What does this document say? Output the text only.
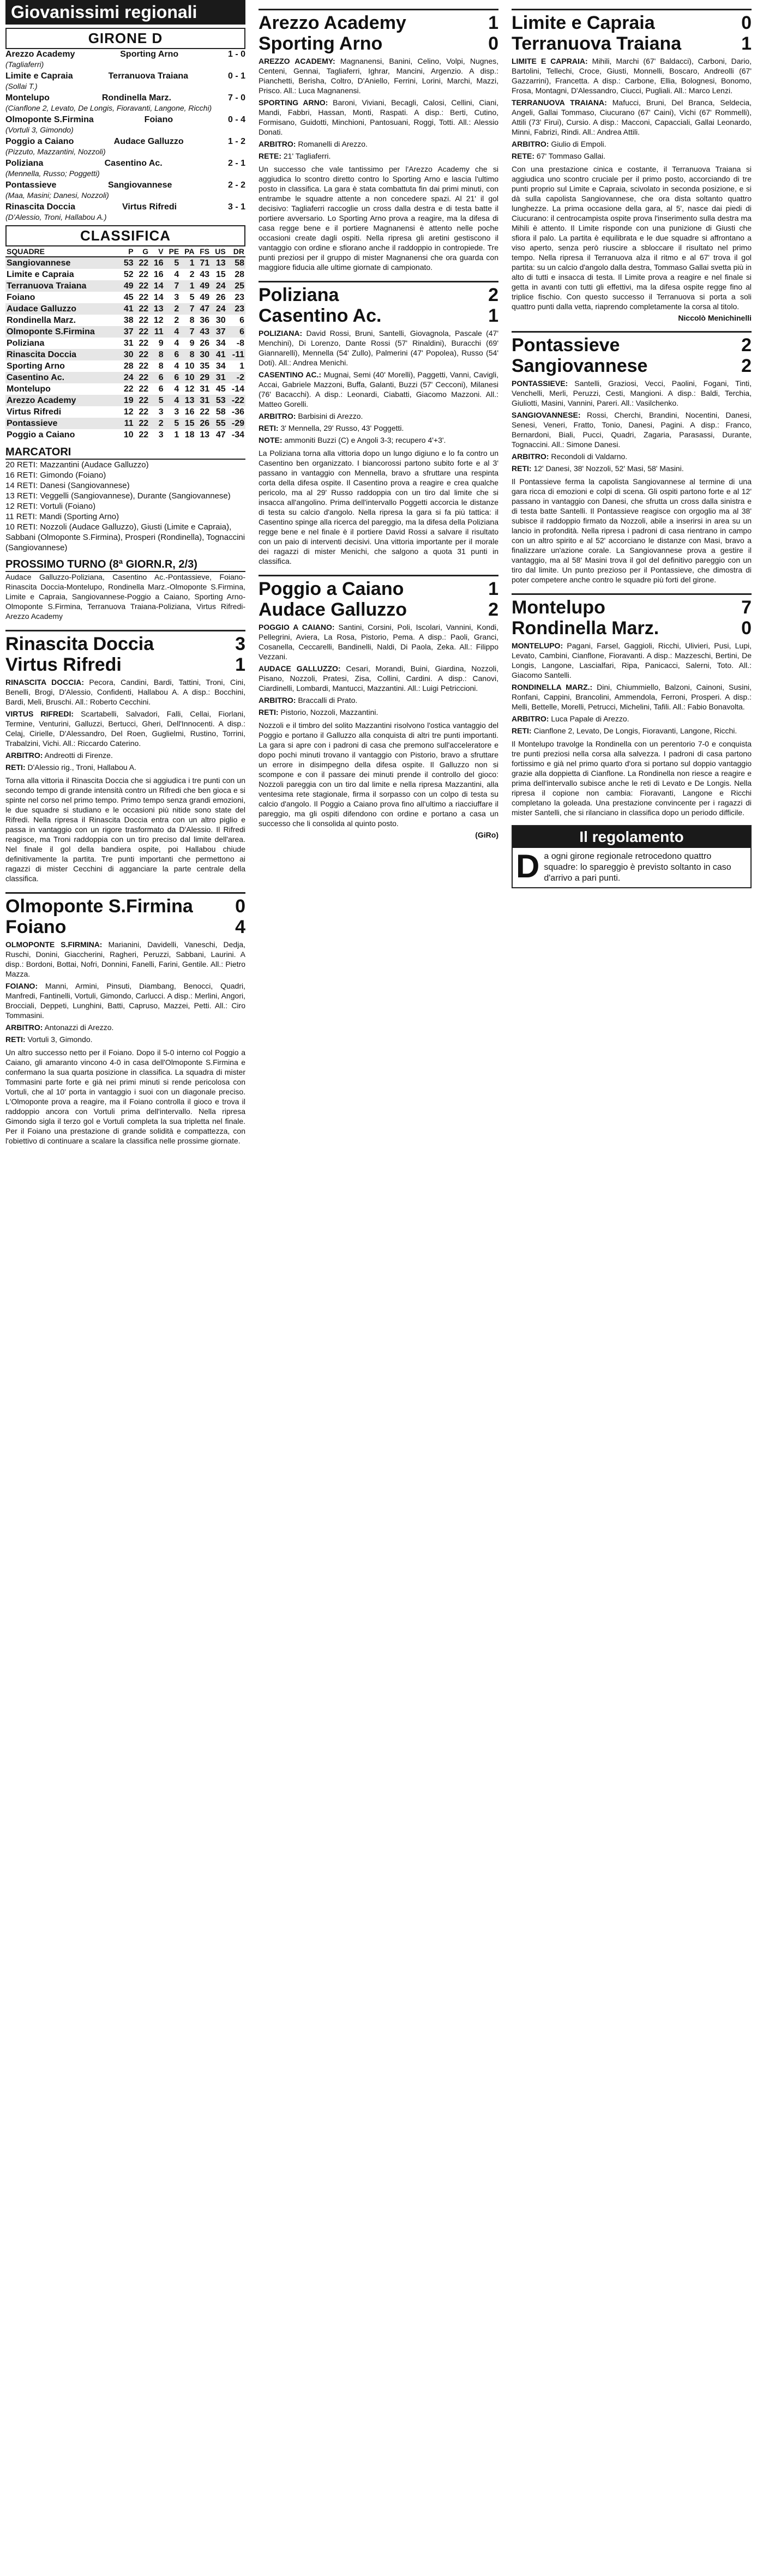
Giovanissimi regionali
GIRONE D
Arezzo Academy	Sporting Arno	1 - 0
(Tagliaferri)
Limite e Capraia	Terranuova Traiana	0 - 1
(Sollai T.)
Montelupo	Rondinella Marz.	7 - 0
(Cianflone 2, Levato, De Longis, Fioravanti, Langone, Ricchi)
Olmoponte S.Firmina	Foiano	0 - 4
(Vortuli 3, Gimondo)
Poggio a Caiano	Audace Galluzzo	1 - 2
(Pizzuto, Mazzantini, Nozzoli)
Poliziana	Casentino Ac.	2 - 1
(Mennella, Russo; Poggetti)
Pontassieve	Sangiovannese	2 - 2
(Maa, Masini; Danesi, Nozzoli)
Rinascita Doccia	Virtus Rifredi	3 - 1
(D'Alessio, Troni, Hallabou A.)
CLASSIFICA
SQUADRE	P	G	V	PE	PA	FS	US	DR
Sangiovannese	53	22	16	5	1	71	13	58
Limite e Capraia	52	22	16	4	2	43	15	28
Terranuova Traiana	49	22	14	7	1	49	24	25
Foiano	45	22	14	3	5	49	26	23
Audace Galluzzo	41	22	13	2	7	47	24	23
Rondinella Marz.	38	22	12	2	8	36	30	6
Olmoponte S.Firmina	37	22	11	4	7	43	37	6
Poliziana	31	22	9	4	9	26	34	-8
Rinascita Doccia	30	22	8	6	8	30	41	-11
Sporting Arno	28	22	8	4	10	35	34	1
Casentino Ac.	24	22	6	6	10	29	31	-2
Montelupo	22	22	6	4	12	31	45	-14
Arezzo Academy	19	22	5	4	13	31	53	-22
Virtus Rifredi	12	22	3	3	16	22	58	-36
Pontassieve	11	22	2	5	15	26	55	-29
Poggio a Caiano	10	22	3	1	18	13	47	-34
MARCATORI
20 RETI: Mazzantini (Audace Galluzzo)
16 RETI: Gimondo (Foiano)
14 RETI: Danesi (Sangiovannese)
13 RETI: Veggelli (Sangiovannese), Durante (Sangiovannese)
12 RETI: Vortuli (Foiano)
11 RETI: Mandi (Sporting Arno)
10 RETI: Nozzoli (Audace Galluzzo), Giusti (Limite e Capraia), Sabbani (Olmoponte S.Firmina), Prosperi (Rondinella), Tognaccini (Sangiovannese)
PROSSIMO TURNO (8ª GIORN.R, 2/3)
Audace Galluzzo-Poliziana, Casentino Ac.-Pontassieve, Foiano-Rinascita Doccia-Montelupo, Rondinella Marz.-Olmoponte S.Firmina, Limite e Capraia, Sangiovannese-Poggio a Caiano, Sporting Arno-Olmoponte S.Firmina, Terranuova Traiana-Poliziana, Virtus Rifredi-Arezzo Academy
Rinascita Doccia	3
Virtus Rifredi	1
RINASCITA DOCCIA: Pecora, Candini, Bardi, Tattini, Troni, Cini, Benelli, Brogi, D'Alessio, Confidenti, Hallabou A. A disp.: Bocchini, Bardi, Meli, Bruschi. All.: Roberto Cecchini.
VIRTUS RIFREDI: Scartabelli, Salvadori, Falli, Cellai, Fiorlani, Termine, Venturini, Galluzzi, Bertucci, Gheri, Dell'Innocenti. A disp.: Celaj, Cirielle, D'Alessandro, Del Roen, Guglielmi, Rustino, Torrini, Trabalzini, Vichi. All.: Riccardo Caterino.
ARBITRO: Andreotti di Firenze.
RETI: D'Alessio rig., Troni, Hallabou A.
Torna alla vittoria il Rinascita Doccia che si aggiudica i tre punti con un secondo tempo di grande intensità contro un Rifredi che ben gioca e si spinte nel corso nel primo tempo. Primo tempo senza grandi emozioni, le due squadre si studiano e le occasioni più nitide sono state del Rifredi. Nella ripresa il Rinascita Doccia entra con un altro piglio e passa in vantaggio con un rigore trasformato da D'Alessio. Il Rifredi reagisce, ma Troni raddoppia con un tiro preciso dal limite dell'area. Nel finale il gol della bandiera ospite, poi Hallabou chiude definitivamente la partita. Tre punti importanti che permettono ai ragazzi di mister Cecchini di agganciare la parte centrale della classifica.
Olmoponte S.Firmina 0
Foiano	4
OLMOPONTE S.FIRMINA: Marianini, Davidelli, Vaneschi, Dedja, Ruschi, Donini, Giaccherini, Ragheri, Peruzzi, Sabbani, Laurini. A disp.: Bordoni, Bottai, Nofri, Donnini, Fanelli, Farini, Gentile. All.: Pietro Mazza.
FOIANO: Manni, Armini, Pinsuti, Diambang, Benocci, Quadri, Manfredi, Fantinelli, Vortuli, Gimondo, Carlucci. A disp.: Merlini, Angori, Brocciali, Deppeti, Lunghini, Batti, Capruso, Mazzei, Petti. All.: Ciro Tommasini.
ARBITRO: Antonazzi di Arezzo.
RETI: Vortuli 3, Gimondo.
Un altro successo netto per il Foiano. Dopo il 5-0 interno col Poggio a Caiano, gli amaranto vincono 4-0 in casa dell'Olmoponte S.Firmina e confermano la sua quarta posizione in classifica. La squadra di mister Tommasini parte forte e già nei primi minuti si rende pericolosa con Vortuli, che al 10' porta in vantaggio i suoi con un diagonale preciso. L'Olmoponte prova a reagire, ma il Foiano controlla il gioco e trova il raddoppio ancora con Vortuli prima dell'intervallo. Nella ripresa Gimondo sigla il terzo gol e Vortuli completa la sua tripletta nel finale. Per il Foiano una prestazione di grande solidità e compattezza, con l'obiettivo di continuare a scalare la classifica nelle prossime giornate.
Arezzo Academy	1
Sporting Arno	0
AREZZO ACADEMY: Magnanensi, Banini, Celino, Volpi, Nugnes, Centeni, Gennai, Tagliaferri, Ighrar, Mancini, Argenzio. A disp.: Pianchetti, Berisha, Coltro, D'Aniello, Ferrini, Lorini, Marchi, Mazzi, Prisco. All.: Luca Magnanensi.
SPORTING ARNO: Baroni, Viviani, Becagli, Calosi, Cellini, Ciani, Mandi, Fabbri, Hassan, Monti, Raspati. A disp.: Berti, Cutino, Formisano, Guidotti, Minchioni, Pantosuani, Roggi, Totti. All.: Alessio Donati.
ARBITRO: Romanelli di Arezzo.
RETE: 21' Tagliaferri.
Un successo che vale tantissimo per l'Arezzo Academy che si aggiudica lo scontro diretto contro lo Sporting Arno e lascia l'ultimo posto in classifica. La gara è stata combattuta fin dai primi minuti, con entrambe le squadre attente a non concedere spazi. Al 21' il gol decisivo: Tagliaferri raccoglie un cross dalla destra e di testa batte il portiere avversario. Lo Sporting Arno prova a reagire, ma la difesa di casa regge bene e il portiere Magnanensi è attento nelle poche occasioni create dagli ospiti. Nella ripresa gli aretini gestiscono il vantaggio con ordine e sfiorano anche il raddoppio in contropiede. Tre punti preziosi per il gruppo di mister Magnanensi che ora guarda con maggiore fiducia alle ultime giornate di campionato.
Poliziana	2
Casentino Ac.	1
POLIZIANA: David Rossi, Bruni, Santelli, Giovagnola, Pascale (47' Menchini), Di Lorenzo, Dante Rossi (57' Rinaldini), Buracchi (69' Giannarelli), Mennella (54' Zullo), Palmerini (47' Popolea), Russo (54' Doti). All.: Andrea Menichi.
CASENTINO AC.: Mugnai, Semi (40' Morelli), Paggetti, Vanni, Cavigli, Accai, Gabriele Mazzoni, Buffa, Galanti, Buzzi (57' Cecconi), Milanesi (76' Bacacchi). A disp.: Leonardi, Ciabatti, Giacomo Mazzoni. All.: Matteo Gorelli.
ARBITRO: Barbisini di Arezzo.
RETI: 3' Mennella, 29' Russo, 43' Poggetti.
NOTE: ammoniti Buzzi (C) e Angoli 3-3; recupero 4'+3'.
La Poliziana torna alla vittoria dopo un lungo digiuno e lo fa contro un Casentino ben organizzato. I biancorossi partono subito forte e al 3' passano in vantaggio con Mennella, bravo a sfruttare una respinta corta della difesa ospite. Il Casentino prova a reagire e crea qualche pericolo, ma al 29' Russo raddoppia con un tiro dal limite che si insacca all'angolino. Prima dell'intervallo Poggetti accorcia le distanze di testa su calcio d'angolo. Nella ripresa la gara si fa più tattica: il Casentino spinge alla ricerca del pareggio, ma la difesa della Poliziana regge bene e nel finale è il portiere David Rossi a salvare il risultato con un paio di interventi decisivi. Una vittoria importante per il morale dei ragazzi di mister Menichi, che salgono a quota 31 punti in classifica.
Poggio a Caiano	1
Audace Galluzzo	2
POGGIO A CAIANO: Santini, Corsini, Poli, Iscolari, Vannini, Kondi, Pellegrini, Aviera, La Rosa, Pistorio, Pema. A disp.: Paoli, Granci, Cosanella, Ceccarelli, Bandinelli, Naldi, Di Paola, Zeka. All.: Filippo Vezzani.
AUDACE GALLUZZO: Cesari, Morandi, Buini, Giardina, Nozzoli, Pisano, Nozzoli, Pratesi, Zisa, Collini, Cardini. A disp.: Canovi, Ciardinelli, Lombardi, Mantucci, Mazzantini. All.: Luigi Petriccioni.
ARBITRO: Braccalli di Prato.
RETI: Pistorio, Nozzoli, Mazzantini.
Nozzoli e il timbro del solito Mazzantini risolvono l'ostica vantaggio del Poggio e portano il Galluzzo alla conquista di altri tre punti importanti. La gara si apre con i padroni di casa che premono sull'acceleratore e dopo pochi minuti trovano il vantaggio con Pistorio, bravo a sfruttare un errore in disimpegno della difesa ospite. Il Galluzzo non si scompone e con il passare dei minuti prende il controllo del gioco: Nozzoli pareggia con un tiro dal limite e nella ripresa Mazzantini, alla ventesima rete stagionale, firma il sorpasso con un colpo di testa su calcio d'angolo. Il Poggio a Caiano prova fino all'ultimo a riacciuffare il pareggio, ma gli ospiti difendono con ordine e portano a casa un successo che li consolida al quinto posto.
(GiRo)
Limite e Capraia	0
Terranuova Traiana	1
LIMITE E CAPRAIA: Mihili, Marchi (67' Baldacci), Carboni, Dario, Bartolini, Tellechi, Croce, Giusti, Monnelli, Boscaro, Andreolli (67' Gazzarrini), Francetta. A disp.: Carbone, Ellia, Bolognesi, Bonomo, Frosa, Montagni, D'Alessandro, Ciucci, Pugliali. All.: Marco Lenzi.
TERRANUOVA TRAIANA: Mafucci, Bruni, Del Branca, Seldecia, Angeli, Gallai Tommaso, Ciucurano (67' Caini), Vichi (67' Rommelli), Attili (73' Firui), Cursio. A disp.: Macconi, Capacciali, Gallai Leonardo, Minni, Fabrizi, Rindi. All.: Andrea Attili.
ARBITRO: Giulio di Empoli.
RETE: 67' Tommaso Gallai.
Con una prestazione cinica e costante, il Terranuova Traiana si aggiudica uno scontro cruciale per il primo posto, accorciando di tre punti proprio sul Limite e Capraia, scivolato in seconda posizione, e si dà sulla capolista Sangiovannese, che ora dista soltanto quattro lunghezze. La prima occasione della gara, al 5', nasce dai piedi di Ciucurano: il centrocampista ospite prova l'inserimento sulla destra ma Mihili è attento. Il Limite risponde con una punizione di Giusti che sfiora il palo. La partita è equilibrata e le due squadre si affrontano a viso aperto, senza però riuscire a sbloccare il risultato nel primo tempo. Nella ripresa il Terranuova alza il ritmo e al 67' trova il gol partita: su un calcio d'angolo dalla destra, Tommaso Gallai svetta più in alto di tutti e insacca di testa. Il Limite prova a reagire e nel finale si getta in avanti con tutti gli effettivi, ma la difesa ospite regge fino al triplice fischio. Con questo successo il Terranuova si porta a soli quattro punti dalla vetta, riaprendo completamente la corsa al titolo.
Niccolò Menichinelli
Pontassieve	2
Sangiovannese	2
PONTASSIEVE: Santelli, Graziosi, Vecci, Paolini, Fogani, Tinti, Venchelli, Merli, Peruzzi, Cesti, Mangioni. A disp.: Baldi, Terchia, Giuliotti, Masini, Vannini, Pareri. All.: Vasilchenko.
SANGIOVANNESE: Rossi, Cherchi, Brandini, Nocentini, Danesi, Senesi, Veneri, Fratto, Tonio, Danesi, Pagini. A disp.: Franco, Bernardoni, Biali, Pucci, Quadri, Zagaria, Parasassi, Durante, Tognaccini. All.: Simone Danesi.
ARBITRO: Recondoli di Valdarno.
RETI: 12' Danesi, 38' Nozzoli, 52' Masi, 58' Masini.
Il Pontassieve ferma la capolista Sangiovannese al termine di una gara ricca di emozioni e colpi di scena. Gli ospiti partono forte e al 12' passano in vantaggio con Danesi, che sfrutta un cross dalla sinistra e di testa batte Santelli. Il Pontassieve reagisce con orgoglio ma al 38' subisce il raddoppio firmato da Nozzoli, abile a inserirsi in area su un lancio in profondità. Nella ripresa i padroni di casa rientrano in campo con un altro spirito e al 52' accorciano le distanze con Masi, bravo a finalizzare un'azione corale. La Sangiovannese prova a gestire il vantaggio, ma al 58' Masini trova il gol del definitivo pareggio con un tiro dal limite. Un punto prezioso per il Pontassieve, che dimostra di poter competere anche contro le squadre più forti del girone.
Montelupo	7
Rondinella Marz.	0
MONTELUPO: Pagani, Farsel, Gaggioli, Ricchi, Ulivieri, Pusi, Lupi, Levato, Cambini, Cianflone, Fioravanti. A disp.: Mazzeschi, Bertini, De Longis, Langone, Lascialfari, Ripa, Panicacci, Salerni, Toto. All.: Giacomo Santelli.
RONDINELLA MARZ.: Dini, Chiummiello, Balzoni, Cainoni, Susini, Ronfani, Cappini, Brancolini, Ammendola, Ferroni, Prosperi. A disp.: Melli, Bettelle, Morelli, Petrucci, Michelini, Tafili. All.: Fabio Bonavolta.
ARBITRO: Luca Papale di Arezzo.
RETI: Cianflone 2, Levato, De Longis, Fioravanti, Langone, Ricchi.
Il Montelupo travolge la Rondinella con un perentorio 7-0 e conquista tre punti preziosi nella corsa alla salvezza. I padroni di casa partono fortissimo e già nel primo quarto d'ora si portano sul doppio vantaggio grazie alla doppietta di Cianflone. La Rondinella non riesce a reagire e prima dell'intervallo subisce anche le reti di Levato e De Longis. Nella ripresa il copione non cambia: Fioravanti, Langone e Ricchi completano la goleada. Una prestazione convincente per i ragazzi di mister Santelli, che si rilanciano in classifica dopo un periodo difficile.
Il regolamento
D a ogni girone regionale retrocedono quattro squadre: lo spareggio è previsto soltanto in caso d'arrivo a pari punti.
